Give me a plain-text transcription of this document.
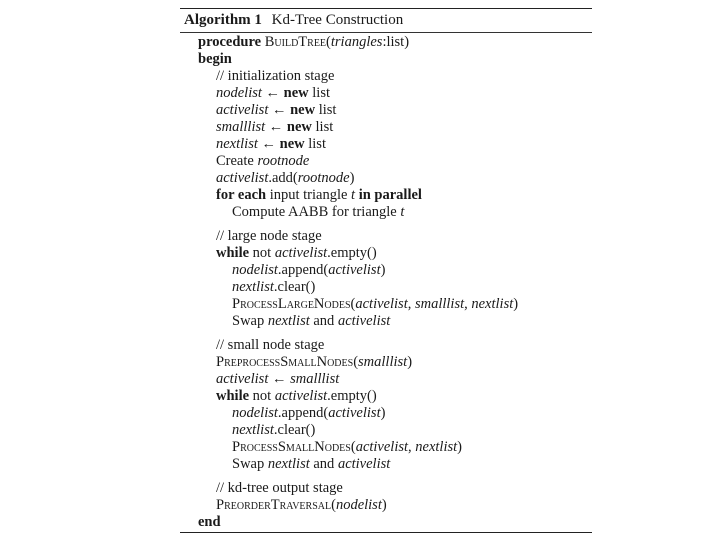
Algorithm 1 Kd-Tree Construction
procedure BuildTree(triangles:list)
begin
// initialization stage
nodelist ← new list
activelist ← new list
smalllist ← new list
nextlist ← new list
Create rootnode
activelist.add(rootnode)
for each input triangle t in parallel
Compute AABB for triangle t
// large node stage
while not activelist.empty()
nodelist.append(activelist)
nextlist.clear()
ProcessLargeNodes(activelist, smalllist, nextlist)
Swap nextlist and activelist
// small node stage
PreprocessSmallNodes(smalllist)
activelist ← smalllist
while not activelist.empty()
nodelist.append(activelist)
nextlist.clear()
ProcessSmallNodes(activelist, nextlist)
Swap nextlist and activelist
// kd-tree output stage
PreorderTraversal(nodelist)
end
